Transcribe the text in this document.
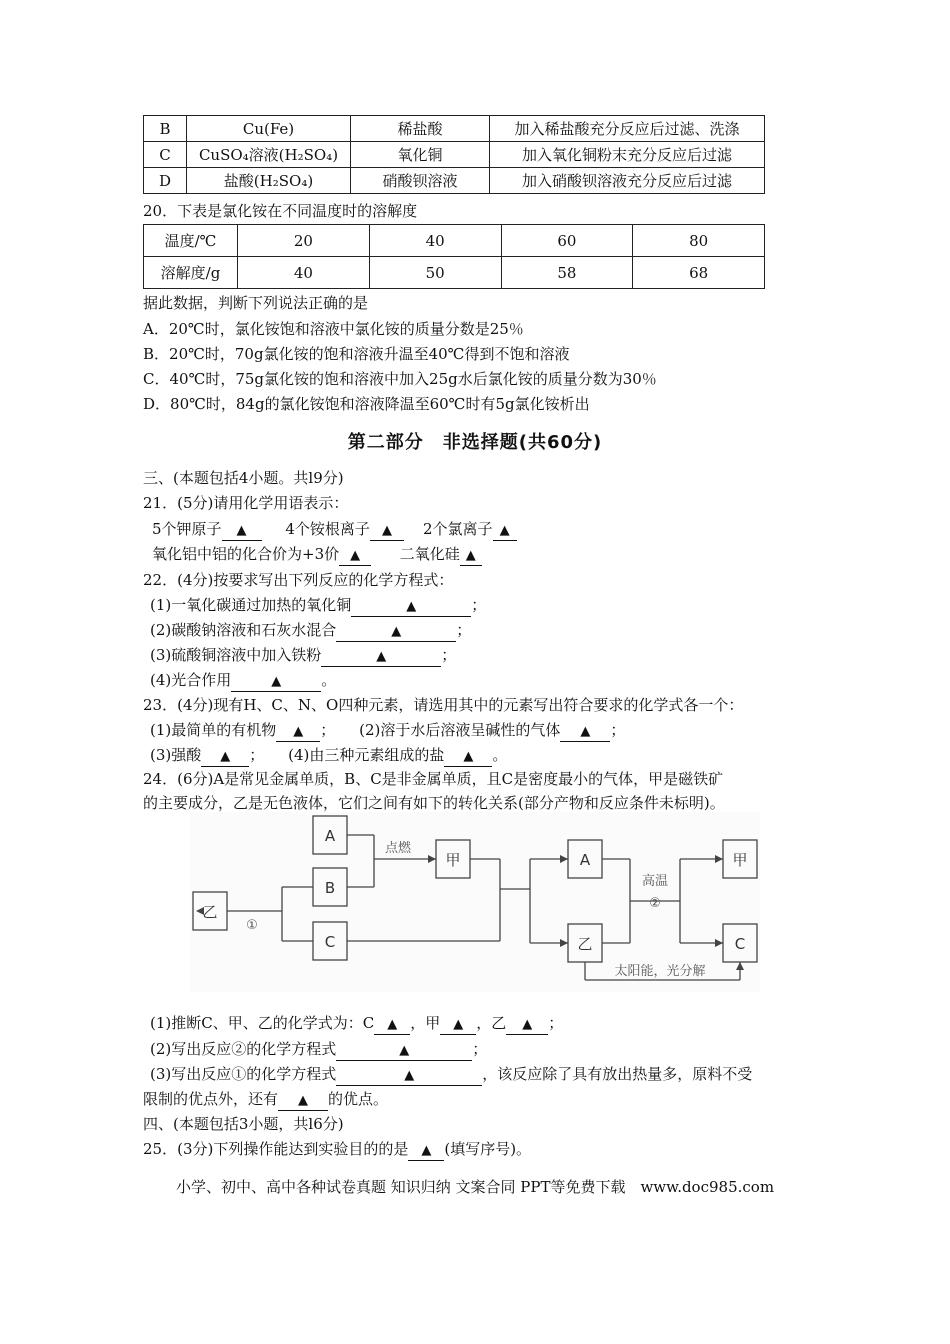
B	Cu(Fe)	稀盐酸	加入稀盐酸充分反应后过滤、洗涤
C	CuSO₄溶液(H₂SO₄)	氧化铜	加入氧化铜粉末充分反应后过滤
D	盐酸(H₂SO₄)	硝酸钡溶液	加入硝酸钡溶液充分反应后过滤
20．下表是氯化铵在不同温度时的溶解度
温度/℃	20	40	60	80
溶解度/g	40	50	58	68
据此数据，判断下列说法正确的是
A．20℃时，氯化铵饱和溶液中氯化铵的质量分数是25％
B．20℃时，70g氯化铵的饱和溶液升温至40℃得到不饱和溶液
C．40℃时，75g氯化铵的饱和溶液中加入25g水后氯化铵的质量分数为30％
D．80℃时，84g的氯化铵饱和溶液降温至60℃时有5g氯化铵析出
第二部分　非选择题(共60分)
三、(本题包括4小题。共l9分)
21．(5分)请用化学用语表示：
5个钾原子 ▲	4个铵根离子 ▲ 2个氯离子 ▲
氧化铝中铝的化合价为+3价 ▲	二氧化硅 ▲
22．(4分)按要求写出下列反应的化学方程式：
(1)一氧化碳通过加热的氧化铜	▲	；
(2)碳酸钠溶液和石灰水混合	▲	；
(3)硫酸铜溶液中加入铁粉	▲	；
(4)光合作用	▲	。
23．(4分)现有H、C、N、O四种元素，请选用其中的元素写出符合要求的化学式各一个：
(1)最简单的有机物 ▲ ；     (2)溶于水后溶液呈碱性的气体 ▲ ；
(3)强酸 ▲ ；     (4)由三种元素组成的盐 ▲ 。
24．(6分)A是常见金属单质，B、C是非金属单质，且C是密度最小的气体，甲是磁铁矿
的主要成分，乙是无色液体，它们之间有如下的转化关系(部分产物和反应条件未标明)。
乙
A
B
C
甲	A
乙
甲
C
点燃
①
高温
②
太阳能，光分解
(1)推断C、甲、乙的化学式为：C ▲ ，甲 ▲ ，乙 ▲ ；
(2)写出反应②的化学方程式	▲	；
(3)写出反应①的化学方程式	▲	，该反应除了具有放出热量多，原料不受
限制的优点外，还有 ▲ 的优点。
四、(本题包括3小题，共l6分)
25．(3分)下列操作能达到实验目的的是 ▲ (填写序号)。
小学、初中、高中各种试卷真题 知识归纳 文案合同 PPT等免费下载　www.doc985.com
